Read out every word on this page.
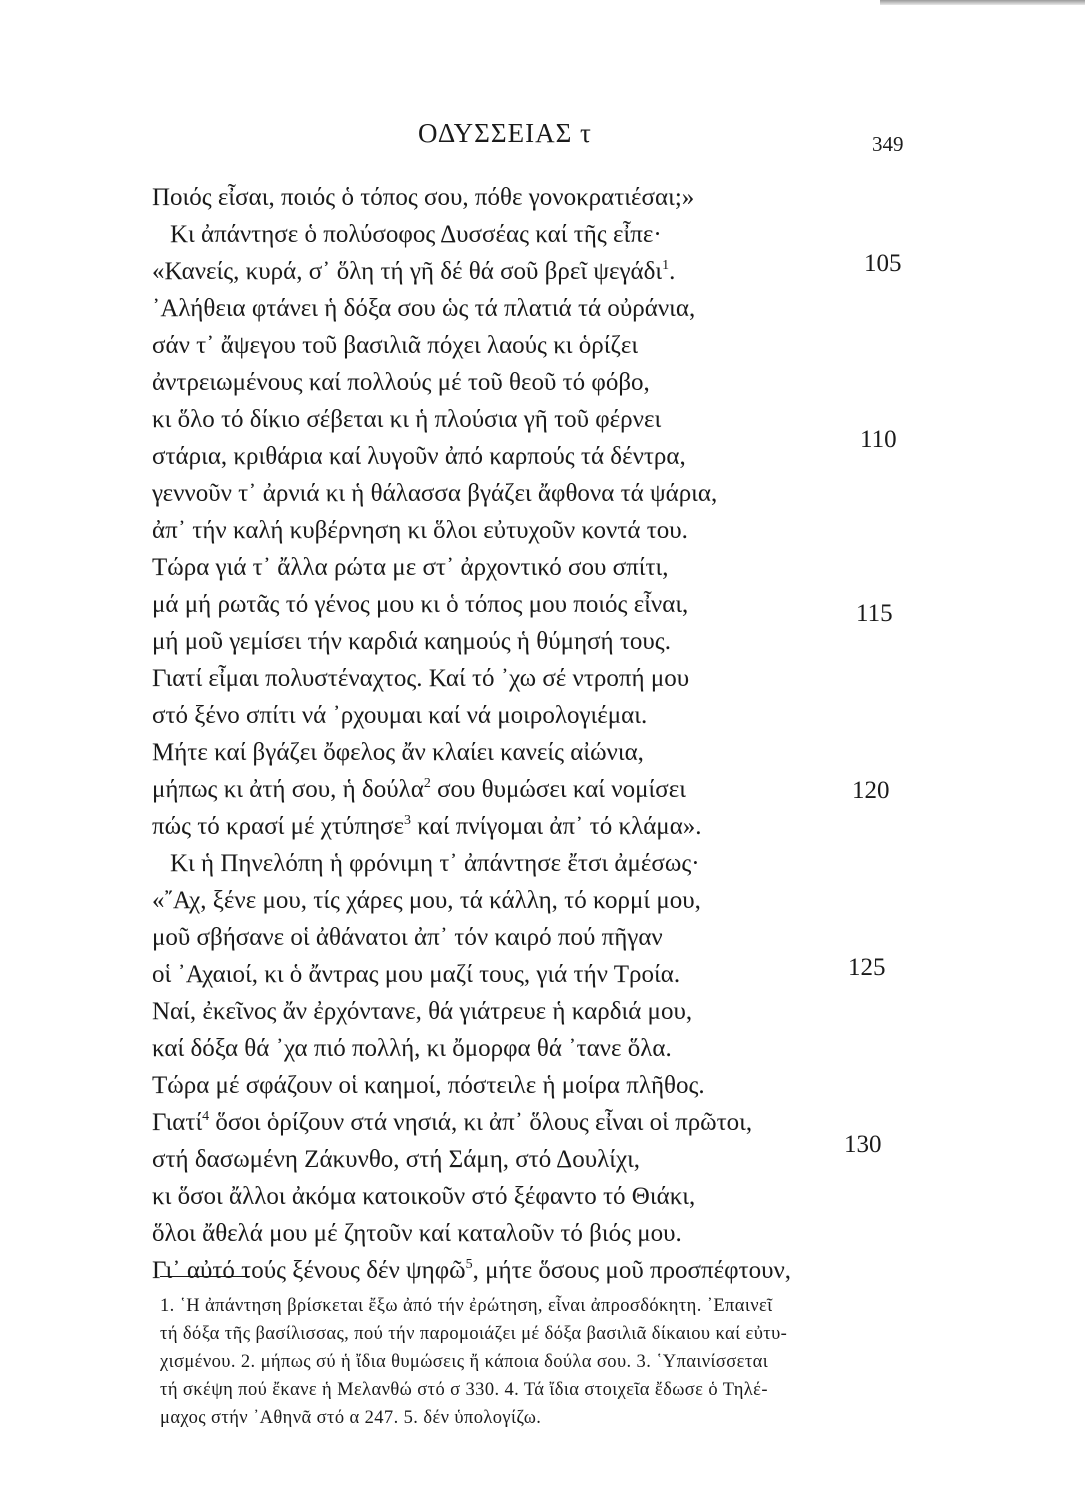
ΟΔΥΣΣΕΙΑΣ τ	349
Ποιός εἶσαι, ποιός ὁ τόπος σου, πόθε γονοκρατιέσαι;»
Κι ἀπάντησε ὁ πολύσοφος Δυσσέας καί τῆς εἶπε·
«Κανείς, κυρά, σ᾽ ὅλη τή γῆ δέ θά σοῦ βρεῖ ψεγάδι$^1$.
᾽Αλήθεια φτάνει ἡ δόξα σου ὡς τά πλατιά τά οὐράνια,
σάν τ᾽ ἄψεγου τοῦ βασιλιᾶ πόχει λαούς κι ὁρίζει
ἀντρειωμένους καί πολλούς μέ τοῦ θεοῦ τό φόβο,
κι ὅλο τό δίκιο σέβεται κι ἡ πλούσια γῆ τοῦ φέρνει
στάρια, κριθάρια καί λυγοῦν ἀπό καρπούς τά δέντρα,
γεννοῦν τ᾽ ἀρνιά κι ἡ θάλασσα βγάζει ἄφθονα τά ψάρια,
ἀπ᾽ τήν καλή κυβέρνηση κι ὅλοι εὐτυχοῦν κοντά του.
Τώρα γιά τ᾽ ἄλλα ρώτα με στ᾽ ἀρχοντικό σου σπίτι,
μά μή ρωτᾶς τό γένος μου κι ὁ τόπος μου ποιός εἶναι,
μή μοῦ γεμίσει τήν καρδιά καημούς ἡ θύμησή τους.
Γιατί εἶμαι πολυστέναχτος. Καί τό ᾽χω σέ ντροπή μου
στό ξένο σπίτι νά ᾽ρχουμαι καί νά μοιρολογιέμαι.
Μήτε καί βγάζει ὄφελος ἄν κλαίει κανείς αἰώνια,
μήπως κι ἀτή σου, ἡ δούλα$^2$ σου θυμώσει καί νομίσει
πώς τό κρασί μέ χτύπησε$^3$ καί πνίγομαι ἀπ᾽ τό κλάμα».
Κι ἡ Πηνελόπη ἡ φρόνιμη τ᾽ ἀπάντησε ἔτσι ἀμέσως·
«῎Αχ, ξένε μου, τίς χάρες μου, τά κάλλη, τό κορμί μου,
μοῦ σβήσανε οἱ ἀθάνατοι ἀπ᾽ τόν καιρό πού πῆγαν
οἱ ᾽Αχαιοί, κι ὁ ἄντρας μου μαζί τους, γιά τήν Τροία.
Ναί, ἐκεῖνος ἄν ἐρχόντανε, θά γιάτρευε ἡ καρδιά μου,
καί δόξα θά ᾽χα πιό πολλή, κι ὄμορφα θά ᾽τανε ὅλα.
Τώρα μέ σφάζουν οἱ καημοί, πόστειλε ἡ μοίρα πλῆθος.
Γιατί$^4$ ὅσοι ὁρίζουν στά νησιά, κι ἀπ᾽ ὅλους εἶναι οἱ πρῶτοι,
στή δασωμένη Ζάκυνθο, στή Σάμη, στό Δουλίχι,
κι ὅσοι ἄλλοι ἀκόμα κατοικοῦν στό ξέφαντο τό Θιάκι,
ὅλοι ἄθελά μου μέ ζητοῦν καί καταλοῦν τό βιός μου.
Γι᾽ αὐτό τούς ξένους δέν ψηφῶ$^5$, μήτε ὅσους μοῦ προσπέφτουν,
105
110
115
120
125
130
1. ῾Η ἀπάντηση βρίσκεται ἔξω ἀπό τήν ἐρώτηση, εἶναι ἀπροσδόκητη. ᾽Επαινεῖ
τή δόξα τῆς βασίλισσας, πού τήν παρομοιάζει μέ δόξα βασιλιᾶ δίκαιου καί εὐτυ-
χισμένου. 2. μήπως σύ ἡ ἴδια θυμώσεις ἤ κάποια δούλα σου. 3. ῾Υπαινίσσεται
τή σκέψη πού ἔκανε ἡ Μελανθώ στό σ 330. 4. Τά ἴδια στοιχεῖα ἔδωσε ὁ Τηλέ-
μαχος στήν ᾽Αθηνᾶ στό α 247. 5. δέν ὑπολογίζω.
